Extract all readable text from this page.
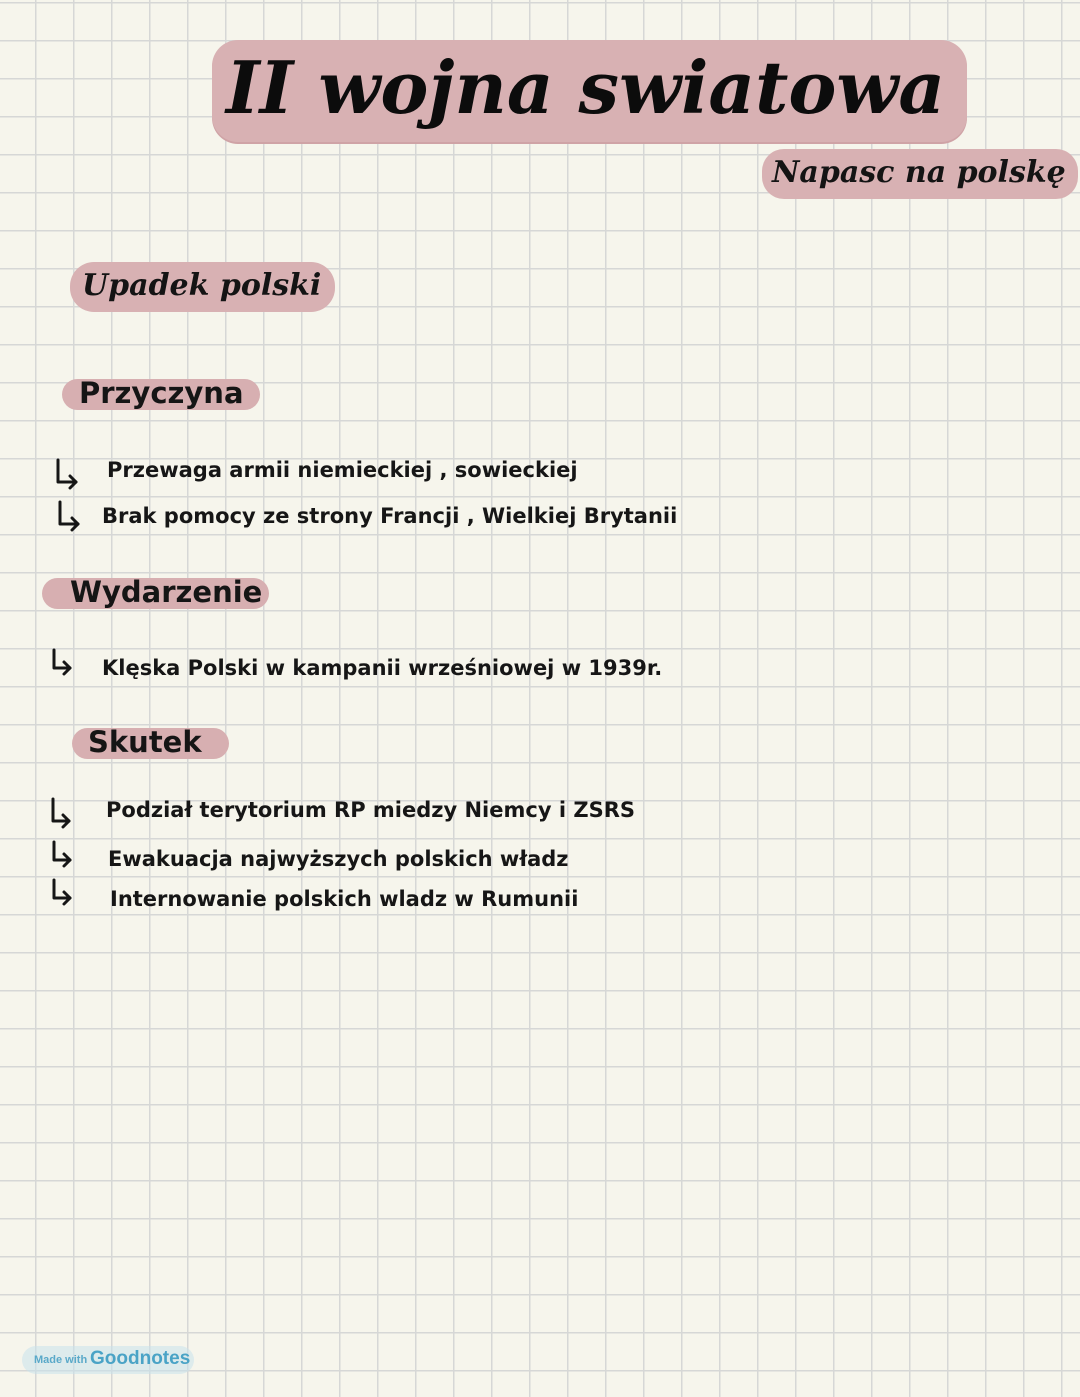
II wojna swiatowa
Napasc na polskę
Upadek polski
Przyczyna
Przewaga armii niemieckiej , sowieckiej
Brak pomocy ze strony Francji , Wielkiej Brytanii
Wydarzenie
Klęska Polski w kampanii wrześniowej w 1939r.
Skutek
Podział terytorium RP miedzy Niemcy i ZSRS
Ewakuacja najwyższych polskich władz
Internowanie polskich wladz w Rumunii
Made with Goodnotes
